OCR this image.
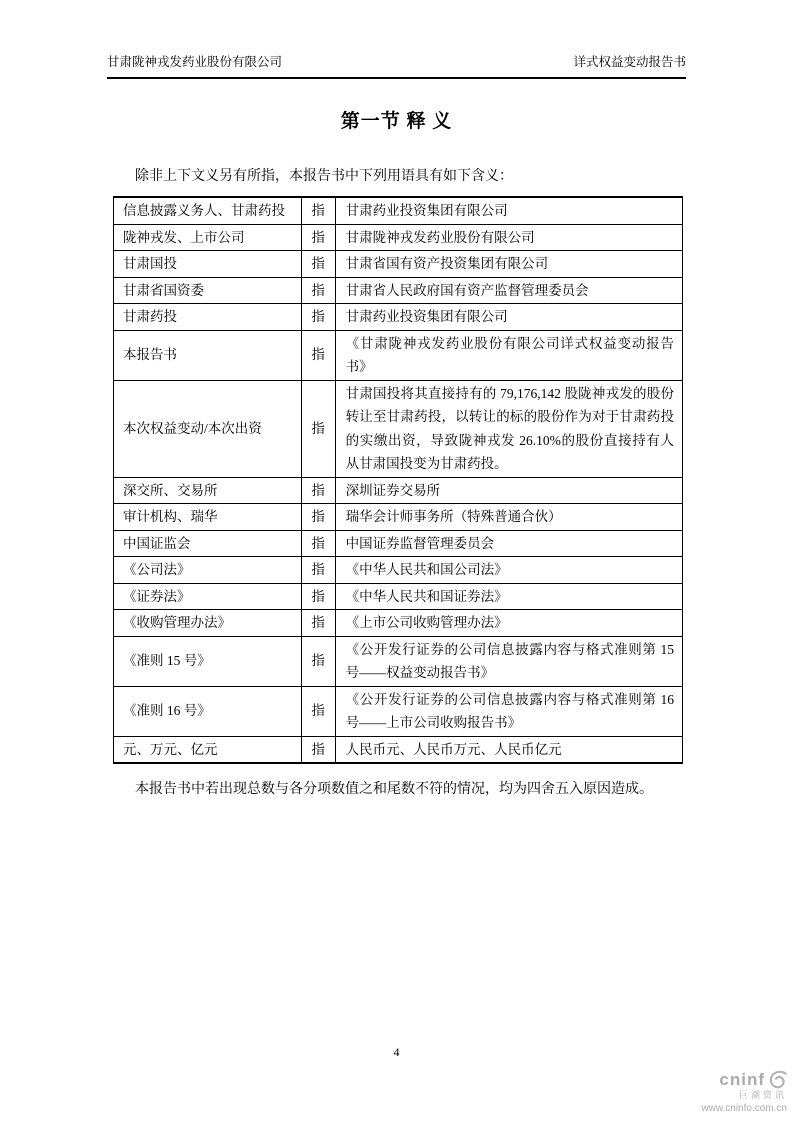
甘肃陇神戎发药业股份有限公司	详式权益变动报告书
第一节 释 义

除非上下文义另有所指，本报告书中下列用语具有如下含义：

信息披露义务人、甘肃药投	指	甘肃药业投资集团有限公司
陇神戎发、上市公司	指	甘肃陇神戎发药业股份有限公司
甘肃国投	指	甘肃省国有资产投资集团有限公司
甘肃省国资委	指	甘肃省人民政府国有资产监督管理委员会
甘肃药投	指	甘肃药业投资集团有限公司
本报告书	指	《甘肃陇神戎发药业股份有限公司详式权益变动报告书》
本次权益变动/本次出资	指	甘肃国投将其直接持有的 79,176,142 股陇神戎发的股份转让至甘肃药投，以转让的标的股份作为对于甘肃药投的实缴出资，导致陇神戎发 26.10%的股份直接持有人从甘肃国投变为甘肃药投。
深交所、交易所	指	深圳证券交易所
审计机构、瑞华	指	瑞华会计师事务所（特殊普通合伙）
中国证监会	指	中国证券监督管理委员会
《公司法》	指	《中华人民共和国公司法》
《证券法》	指	《中华人民共和国证券法》
《收购管理办法》	指	《上市公司收购管理办法》
《准则 15 号》	指	《公开发行证券的公司信息披露内容与格式准则第 15 号——权益变动报告书》
《准则 16 号》	指	《公开发行证券的公司信息披露内容与格式准则第 16 号——上市公司收购报告书》
元、万元、亿元	指	人民币元、人民币万元、人民币亿元

本报告书中若出现总数与各分项数值之和尾数不符的情况，均为四舍五入原因造成。

4
cninf
巨潮资讯
www.cninfo.com.cn
